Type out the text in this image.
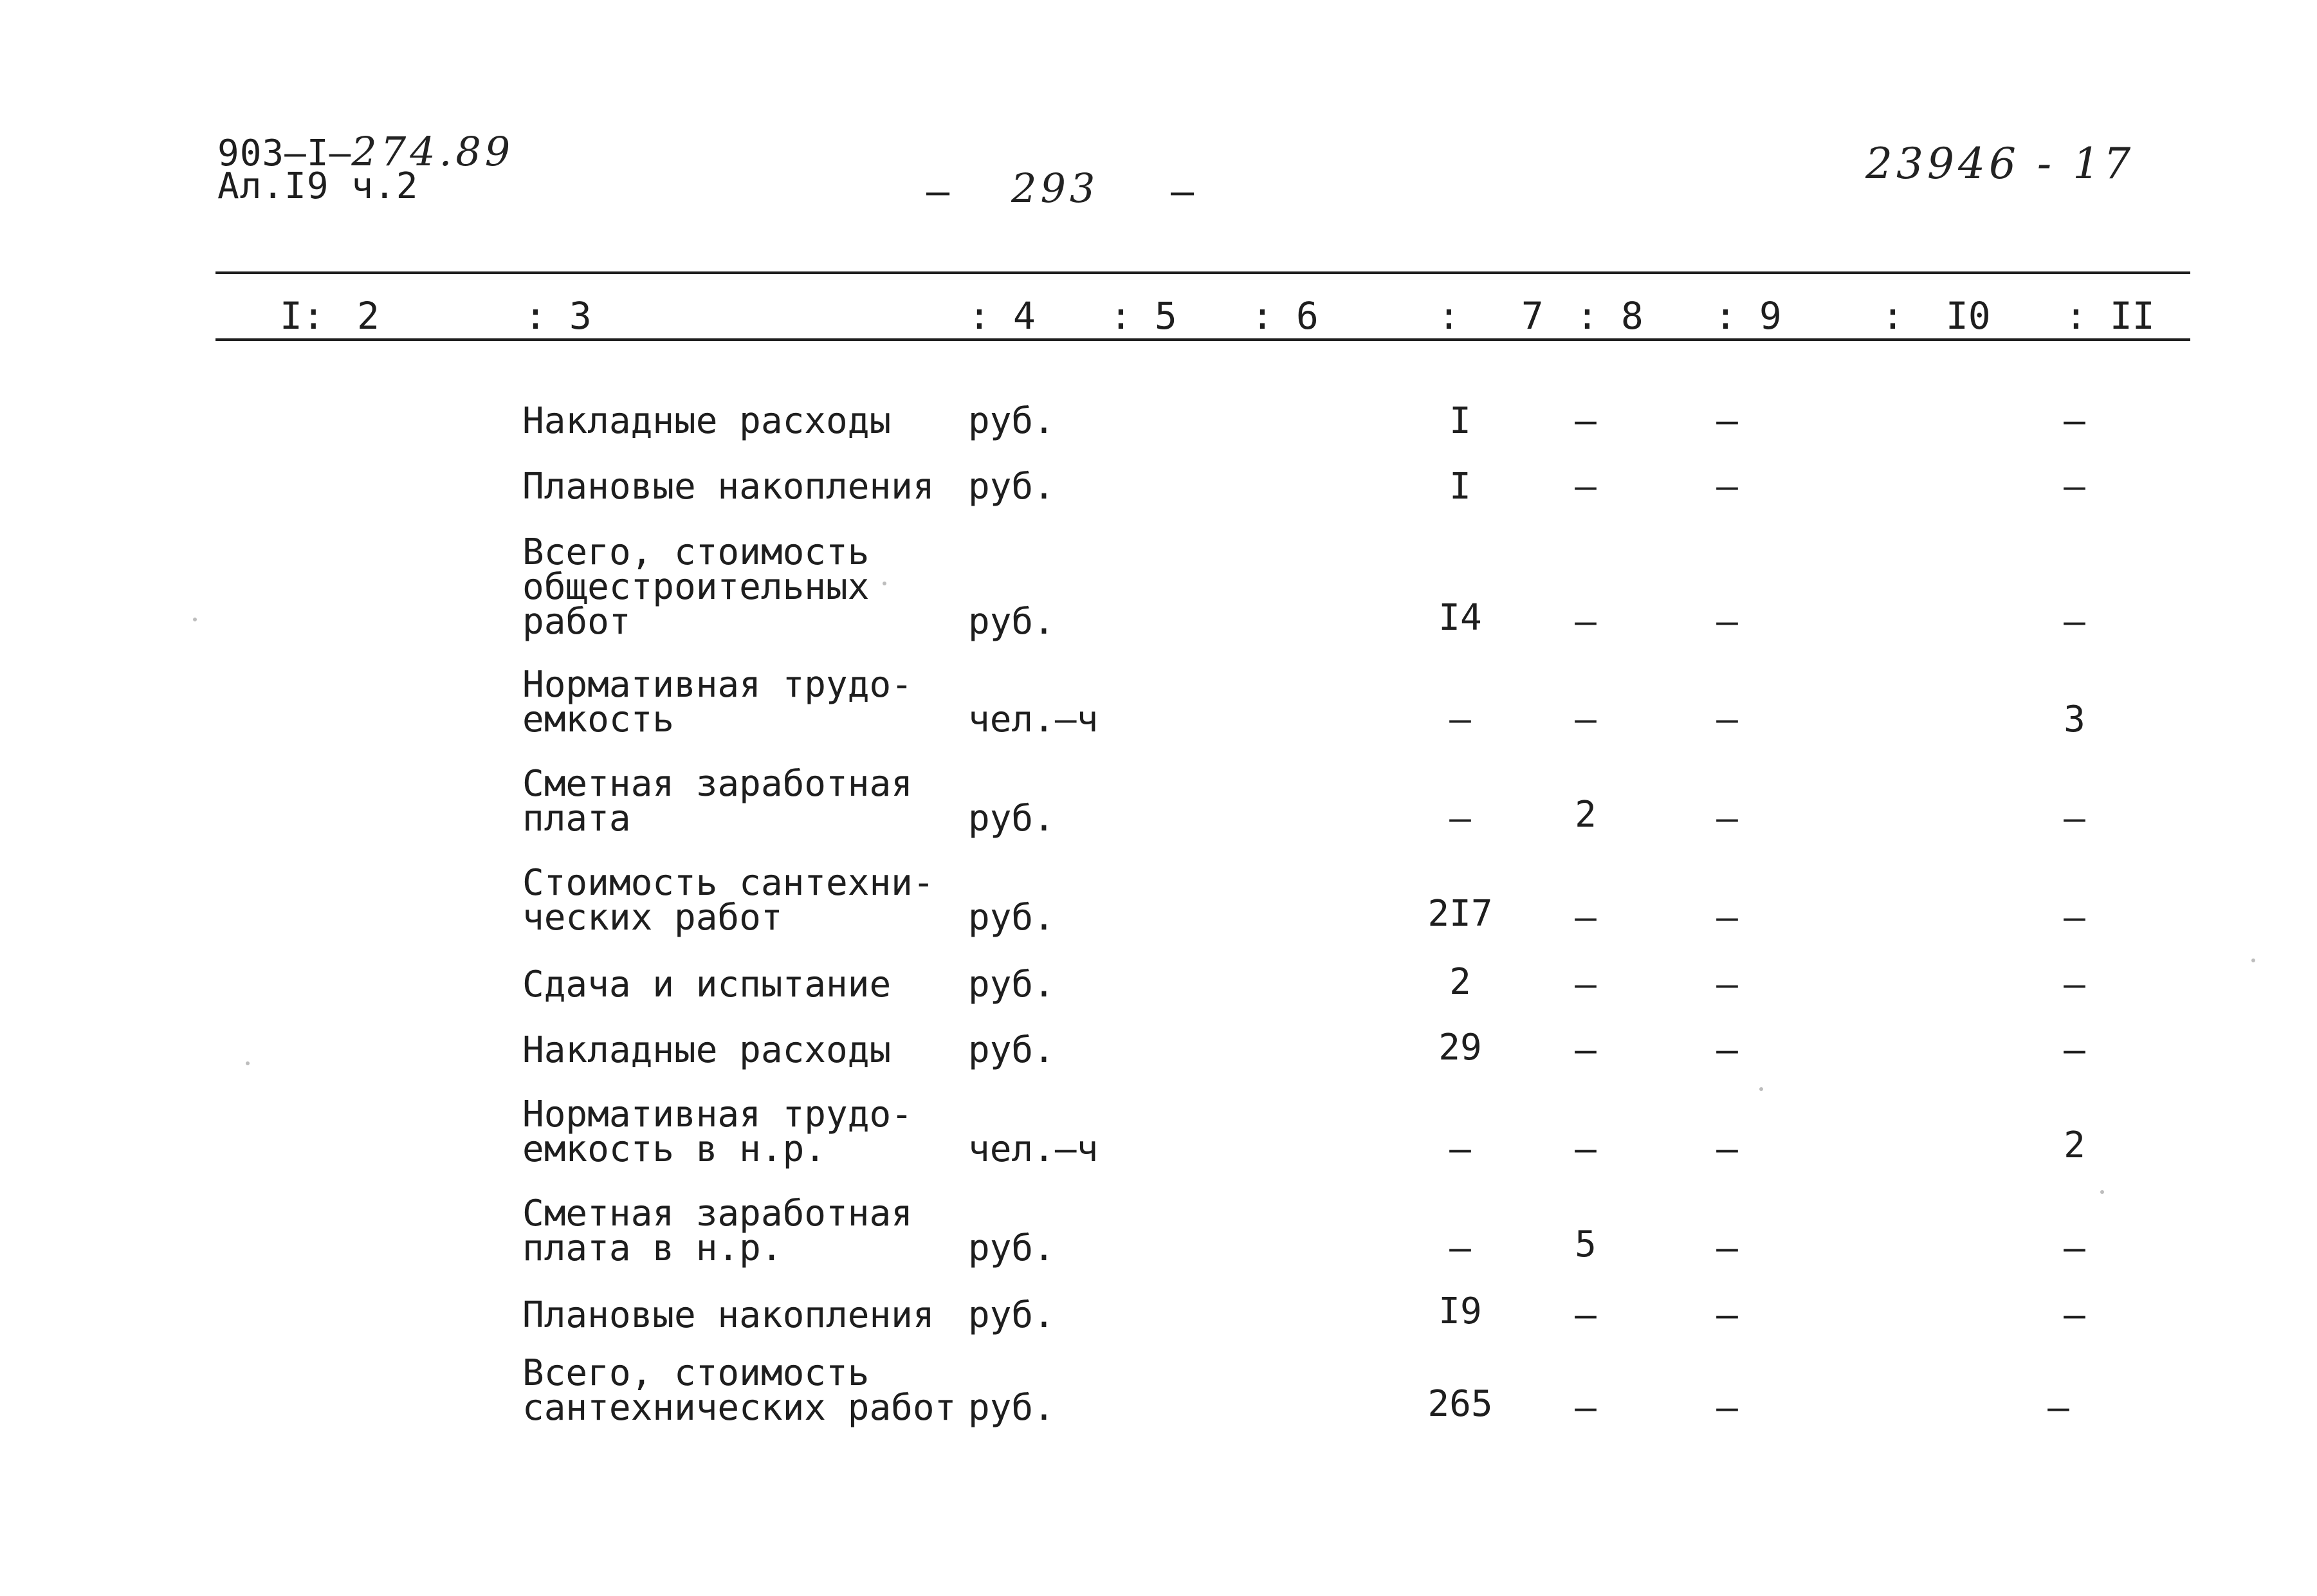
903–I–274.89
Ал.I9 ч.2	– 293 –
23946 - 17
I: 2	: 3	: 4 : 5 : 6	: 7 : 8 : 9	: I0 : II
Накладные расходы руб.	I	–	–	–
Плановые накопления руб.	I	–	–	–
Всего, стоимость
общестроительных
работ	руб.	I4	–	–	–
Нормативная трудо-
емкость	чел.–ч	–	–	–	3
Сметная заработная
плата	руб.	–	2	–	–
Стоимость сантехни-
ческих работ	руб.	2I7	–	–	–
Сдача и испытание руб.	2	–	–	–
Накладные расходы руб.	29	–	–	–
Нормативная трудо-
емкость в н.р.	чел.–ч	–	–	–	2
Сметная заработная
плата в н.р.	руб.	–	5	–	–
Плановые накопления руб.	I9	–	–	–
Всего, стоимость
сантехнических работ руб.	265	–	–	–
